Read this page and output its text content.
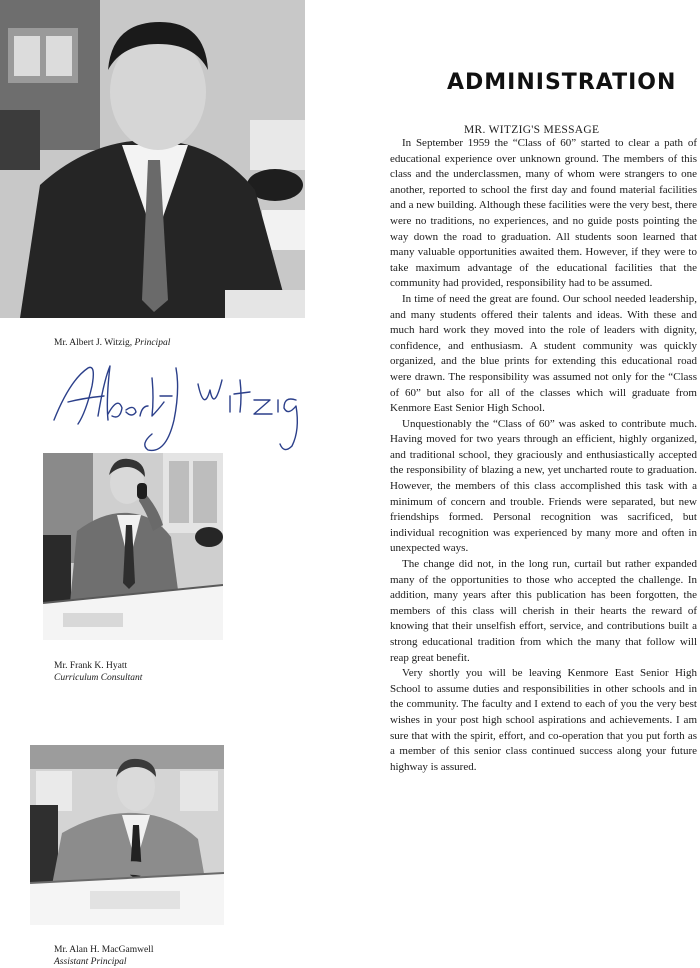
Mr. Albert J. Witzig, Principal
Mr. Frank K. Hyatt
Curriculum Consultant
Mr. Alan H. MacGamwell
Assistant Principal
ADMINISTRATION
MR. WITZIG'S MESSAGE

In September 1959 the “Class of 60” started to clear a path of educational experience over unknown ground. The members of this class and the underclassmen, many of whom were strangers to one another, reported to school the first day and found material facilities and a new building. Although these facilities were the very best, there were no traditions, no experiences, and no guide posts pointing the way down the road to graduation. All students soon learned that many valuable opportunities awaited them. However, if they were to take maximum advantage of the educational facilities that the community had provided, responsibility had to be assumed.

In time of need the great are found. Our school needed leadership, and many students offered their talents and ideas. With these and much hard work they moved into the role of leaders with dignity, confidence, and enthusiasm. A student community was quickly organized, and the blue prints for extending this educational road were drawn. The responsibility was assumed not only for the “Class of 60” but also for all of the classes which will graduate from Kenmore East Senior High School.

Unquestionably the “Class of 60” was asked to contribute much. Having moved for two years through an efficient, highly organized, and traditional school, they graciously and enthusiastically accepted the responsibility of blazing a new, yet uncharted route to graduation. However, the members of this class accomplished this task with a minimum of concern and trouble. Friends were separated, but new friendships formed. Personal recognition was sacrificed, but individual recognition was experienced by many more and often in unexpected ways.

The change did not, in the long run, curtail but rather expanded many of the opportunities to those who accepted the challenge. In addition, many years after this publication has been forgotten, the members of this class will cherish in their hearts the reward of knowing that their unselfish effort, service, and contributions built a strong educational tradition from which the many that follow will reap great benefit.

Very shortly you will be leaving Kenmore East Senior High School to assume duties and responsibilities in other schools and in the community. The faculty and I extend to each of you the very best wishes in your post high school aspirations and achievements. I am sure that with the spirit, effort, and co-operation that you put forth as a member of this senior class continued success along your future highway is assured.
